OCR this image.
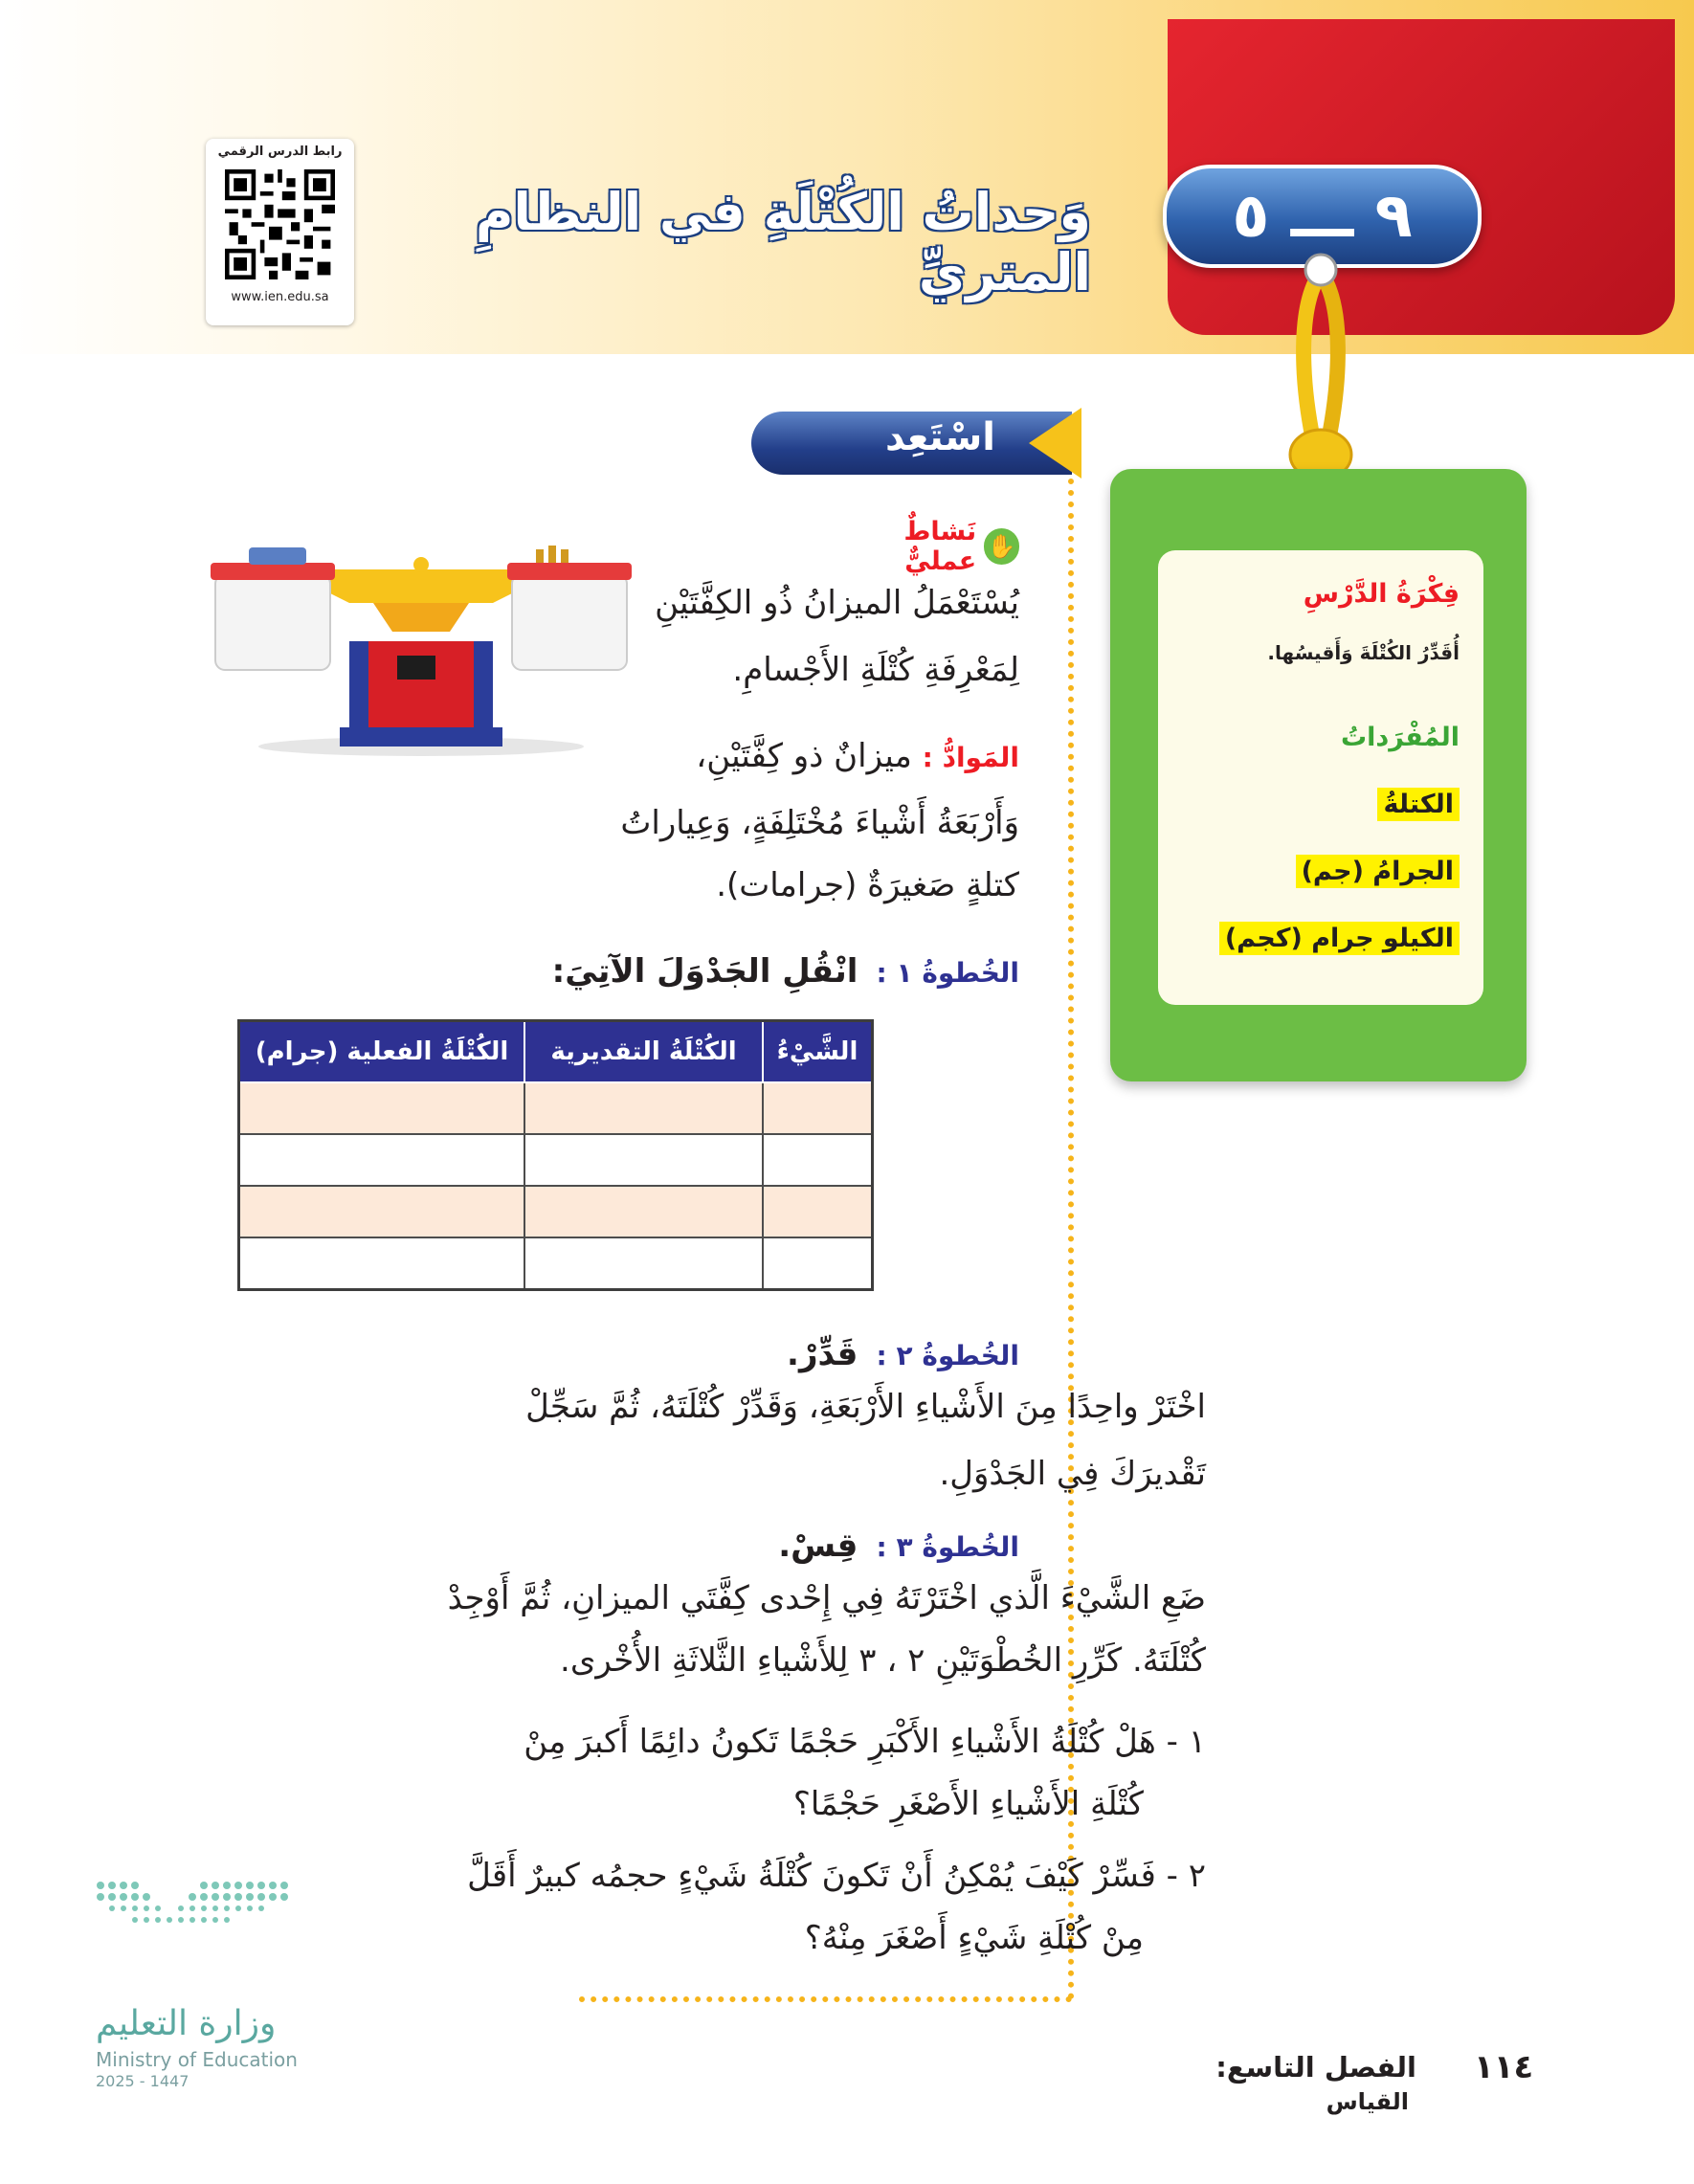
٩ ـــ ٥
وَحداتُ الكُتْلَةِ في النظامِ المتريِّ
رابط الدرس الرقمي
www.ien.edu.sa
فِكْرَةُ الدَّرْسِ
أُقَدِّرُ الكُتْلَةَ وَأَقيسُها.
المُفْرَداتُ
الكتلةُ
الجرامُ (جم)
الكيلو جرام (كجم)
اسْتَعِد
✋
نَشاطٌ عمليٌّ
يُسْتَعْمَلُ الميزانُ ذُو الكِفَّتَيْنِ
لِمَعْرِفَةِ كُتْلَةِ الأَجْسامِ.
المَوادُّ : ميزانٌ ذو كِفَّتَيْنِ،
وَأَرْبَعَةُ أَشْياءَ مُخْتَلِفَةٍ، وَعِياراتُ
كتلةٍ صَغيرَةٌ (جرامات).
الخُطوةُ ١ : انْقُلِ الجَدْوَلَ الآتِيَ:
الشَّيْءُ	الكُتْلَةُ التقديرية	الكُتْلَةُ الفعلية (جرام)

الخُطوةُ ٢ : قَدِّرْ.
اخْتَرْ واحِدًا مِنَ الأَشْياءِ الأَرْبَعَةِ، وَقَدِّرْ كُتْلَتَهُ، ثُمَّ سَجِّلْ
تَقْديرَكَ فِي الجَدْوَلِ.
الخُطوةُ ٣ : قِسْ.
ضَعِ الشَّيْءَ الَّذي اخْتَرْتَهُ فِي إِحْدى كِفَّتَي الميزانِ، ثُمَّ أَوْجِدْ
كُتْلَتَهُ. كَرِّرِ الخُطْوَتَيْنِ ٢ ، ٣ لِلأَشْياءِ الثَّلاثَةِ الأُخْرى.
١ - هَلْ كُتْلَةُ الأَشْياءِ الأَكْبَرِ حَجْمًا تَكونُ دائِمًا أَكبرَ مِنْ
كُتْلَةِ الأَشْياءِ الأَصْغَرِ حَجْمًا؟
٢ - فَسِّرْ كَيْفَ يُمْكِنُ أَنْ تَكونَ كُتْلَةُ شَيْءٍ حجمُه كبيرٌ أَقَلَّ
مِنْ كُتْلَةِ شَيْءٍ أَصْغَرَ مِنْهُ؟
وزارة التعليم
Ministry of Education
2025 - 1447	١١٤
الفصل التاسع: القياس
